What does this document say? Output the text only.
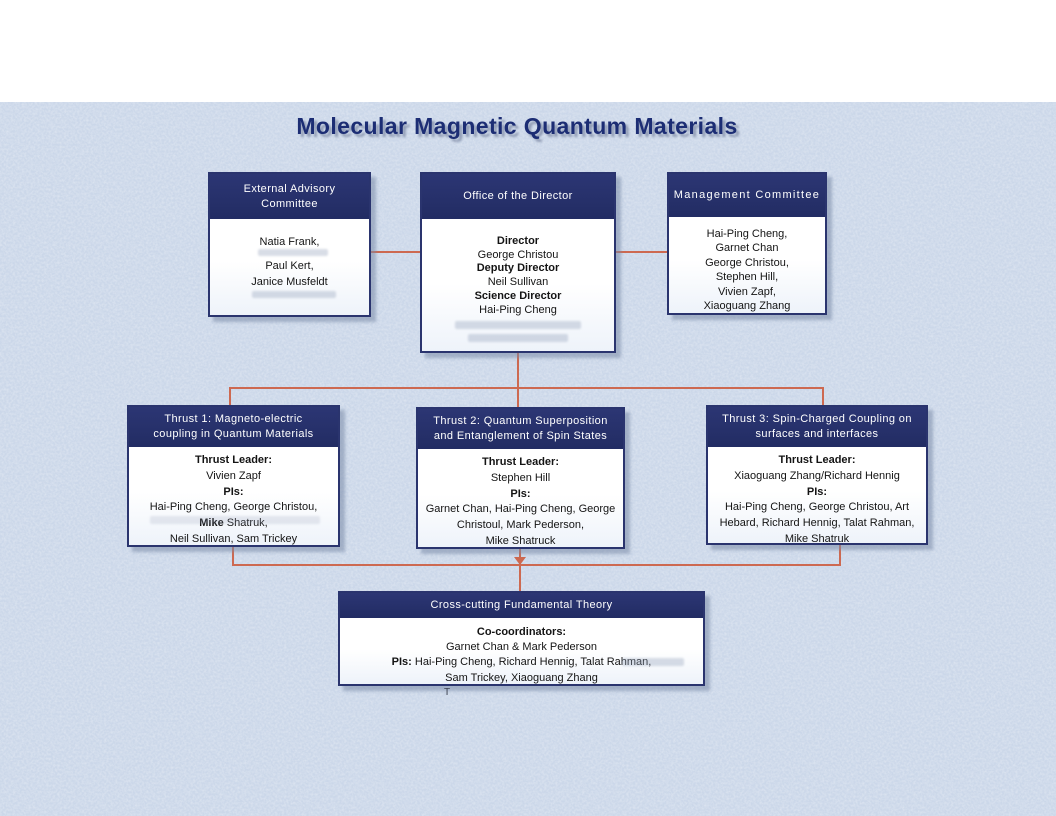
Molecular Magnetic Quantum Materials
External Advisory
Committee
Natia Frank,
Paul Kert,
Janice Musfeldt
Office of the Director
Director
George Christou
Deputy Director
Neil Sullivan
Science Director
Hai-Ping Cheng
Management Committee
Hai-Ping Cheng,
Garnet Chan
George Christou,
Stephen Hill,
Vivien Zapf,
Xiaoguang Zhang
Thrust 1: Magneto-electric
coupling in Quantum Materials
Thrust Leader:
Vivien Zapf
PIs:
Hai-Ping Cheng, George Christou,
Mike Shatruk,
Neil Sullivan, Sam Trickey
Thrust 2: Quantum Superposition
and Entanglement of Spin States
Thrust Leader:
Stephen Hill
PIs:
Garnet Chan, Hai-Ping Cheng, George
Christoul, Mark Pederson,
Mike Shatruck
Thrust 3: Spin-Charged Coupling on
surfaces and interfaces
Thrust Leader:
Xiaoguang Zhang/Richard Hennig
PIs:
Hai-Ping Cheng, George Christou, Art
Hebard, Richard Hennig, Talat Rahman,
Mike Shatruk
Cross-cutting Fundamental Theory
Co-coordinators:
Garnet Chan & Mark Pederson
PIs: Hai-Ping Cheng, Richard Hennig, Talat Rahman,
Sam Trickey, Xiaoguang Zhang
T
